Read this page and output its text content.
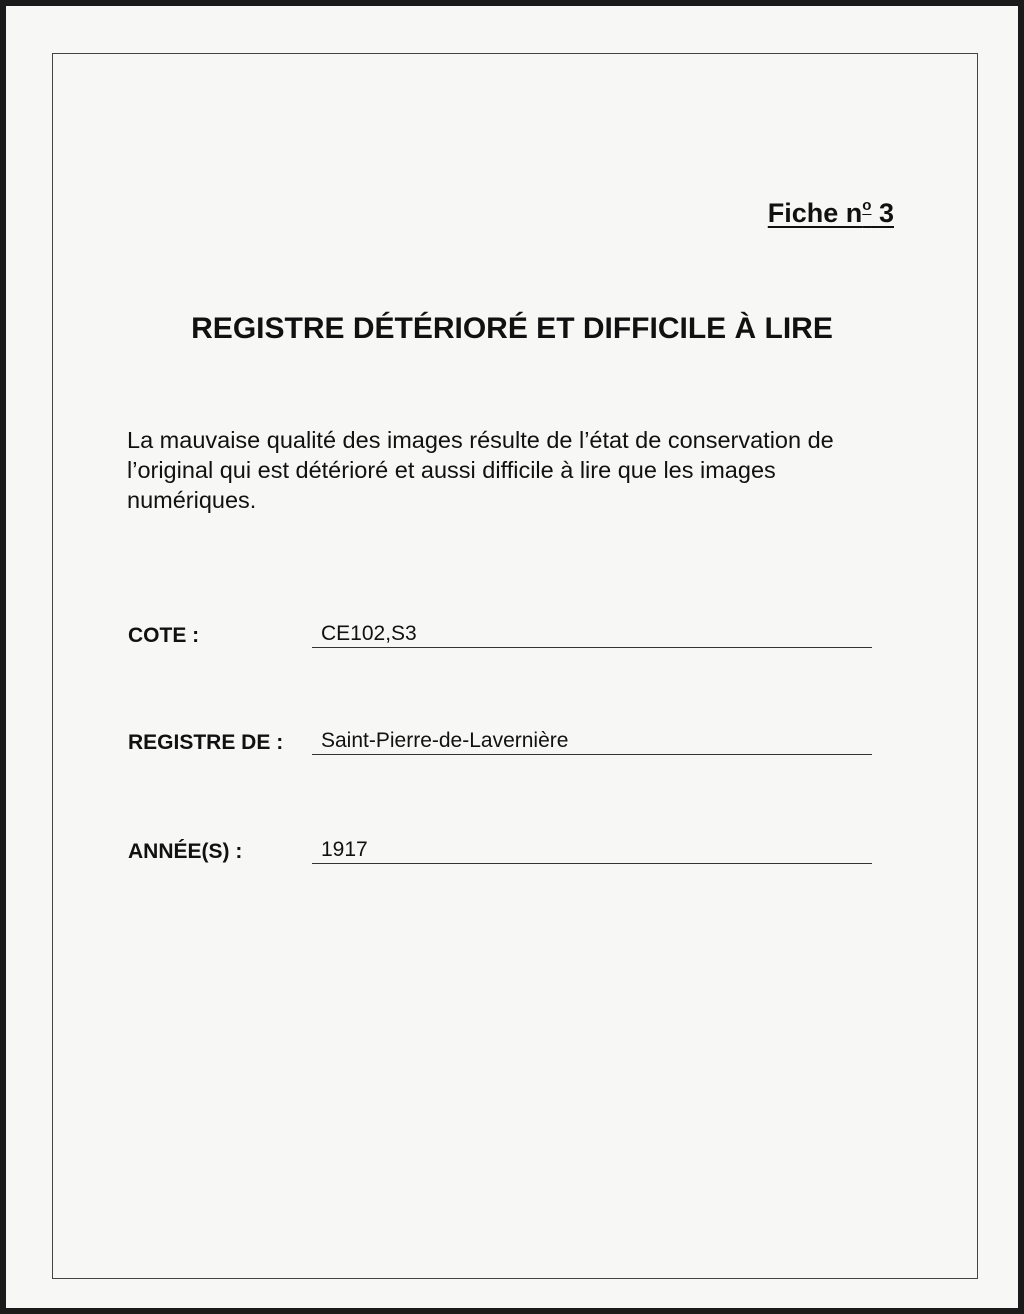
Fiche $n^o$ 3
REGISTRE DÉTÉRIORÉ ET DIFFICILE À LIRE
La mauvaise qualité des images résulte de l’état de conservation de l’original qui est détérioré et aussi difficile à lire que les images numériques.
COTE :	CE102,S3
REGISTRE DE :	Saint-Pierre-de-Lavernière
ANNÉE(S) :	1917
